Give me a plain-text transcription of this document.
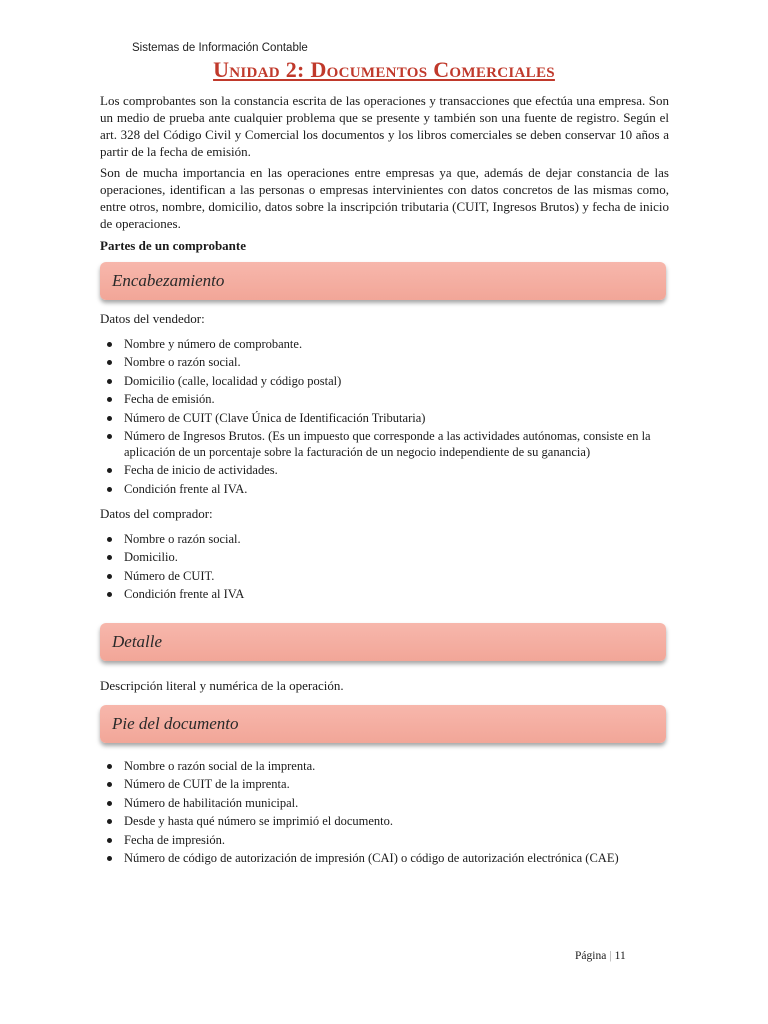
Sistemas de Información Contable
Unidad 2: Documentos Comerciales
Los comprobantes son la constancia escrita de las operaciones y transacciones que efectúa una empresa. Son un medio de prueba ante cualquier problema que se presente y también son una fuente de registro. Según el art. 328 del Código Civil y Comercial los documentos y los libros comerciales se deben conservar 10 años a partir de la fecha de emisión.
Son de mucha importancia en las operaciones entre empresas ya que, además de dejar constancia de las operaciones, identifican a las personas o empresas intervinientes con datos concretos de las mismas como, entre otros, nombre, domicilio, datos sobre la inscripción tributaria (CUIT, Ingresos Brutos) y fecha de inicio de operaciones.
Partes de un comprobante
Encabezamiento
Datos del vendedor:
Nombre y número de comprobante.
Nombre o razón social.
Domicilio (calle, localidad y código postal)
Fecha de emisión.
Número de CUIT (Clave Única de Identificación Tributaria)
Número de Ingresos Brutos. (Es un impuesto que corresponde a las actividades autónomas, consiste en la aplicación de un porcentaje sobre la facturación de un negocio independiente de su ganancia)
Fecha de inicio de actividades.
Condición frente al IVA.
Datos del comprador:
Nombre o razón social.
Domicilio.
Número de CUIT.
Condición frente al IVA
Detalle
Descripción literal y numérica de la operación.
Pie del documento
Nombre o razón social de la imprenta.
Número de CUIT de la imprenta.
Número de habilitación municipal.
Desde y hasta qué número se imprimió el documento.
Fecha de impresión.
Número de código de autorización de impresión (CAI) o código de autorización electrónica (CAE)
Página | 11
